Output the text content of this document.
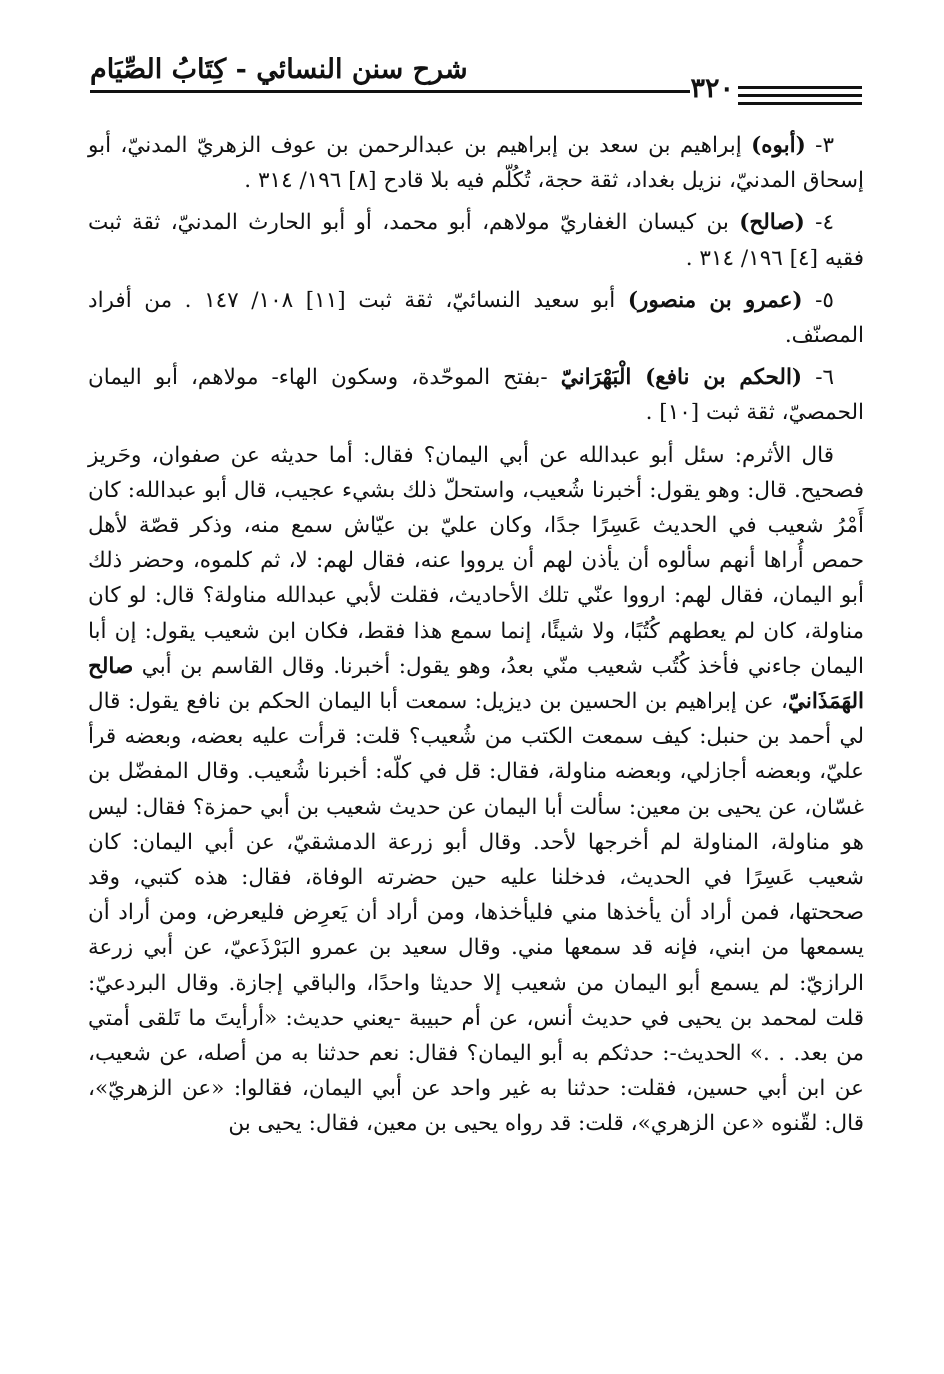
شرح سنن النسائي - كِتَابُ الصِّيَام
٣٢٠

٣- (أبوه) إبراهيم بن سعد بن إبراهيم بن عبدالرحمن بن عوف الزهريّ المدنيّ، أبو إسحاق المدنيّ، نزيل بغداد، ثقة حجة، تُكُلّم فيه بلا قادح [٨] ١٩٦/ ٣١٤ .

٤- (صالح) بن كيسان الغفاريّ مولاهم، أبو محمد، أو أبو الحارث المدنيّ، ثقة ثبت فقيه [٤] ١٩٦/ ٣١٤ .

٥- (عمرو بن منصور) أبو سعيد النسائيّ، ثقة ثبت [١١] ١٠٨/ ١٤٧ . من أفراد المصنّف.

٦- (الحكم بن نافع) الْبَهْرَانيّ -بفتح الموحّدة، وسكون الهاء- مولاهم، أبو اليمان الحمصيّ، ثقة ثبت [١٠] .

قال الأثرم: سئل أبو عبدالله عن أبي اليمان؟ فقال: أما حديثه عن صفوان، وحَريز فصحيح. قال: وهو يقول: أخبرنا شُعيب، واستحلّ ذلك بشيء عجيب، قال أبو عبدالله: كان أَمْرُ شعيب في الحديث عَسِرًا جدًا، وكان عليّ بن عيّاش سمع منه، وذكر قصّة لأهل حمص أُراها أنهم سألوه أن يأذن لهم أن يرووا عنه، فقال لهم: لا، ثم كلموه، وحضر ذلك أبو اليمان، فقال لهم: ارووا عنّي تلك الأحاديث، فقلت لأبي عبدالله مناولة؟ قال: لو كان مناولة، كان لم يعطهم كُتُبًا، ولا شيئًا، إنما سمع هذا فقط، فكان ابن شعيب يقول: إن أبا اليمان جاءني فأخذ كُتُب شعيب منّي بعدُ، وهو يقول: أخبرنا. وقال القاسم بن أبي صالح الهَمَذَانيّ، عن إبراهيم بن الحسين بن ديزيل: سمعت أبا اليمان الحكم بن نافع يقول: قال لي أحمد بن حنبل: كيف سمعت الكتب من شُعيب؟ قلت: قرأت عليه بعضه، وبعضه قرأ عليّ، وبعضه أجازلي، وبعضه مناولة، فقال: قل في كلّه: أخبرنا شُعيب. وقال المفضّل بن غسّان، عن يحيى بن معين: سألت أبا اليمان عن حديث شعيب بن أبي حمزة؟ فقال: ليس هو مناولة، المناولة لم أخرجها لأحد. وقال أبو زرعة الدمشقيّ، عن أبي اليمان: كان شعيب عَسِرًا في الحديث، فدخلنا عليه حين حضرته الوفاة، فقال: هذه كتبي، وقد صححتها، فمن أراد أن يأخذها مني فليأخذها، ومن أراد أن يَعرِض فليعرض، ومن أراد أن يسمعها من ابني، فإنه قد سمعها مني. وقال سعيد بن عمرو البَرْذَعيّ، عن أبي زرعة الرازيّ: لم يسمع أبو اليمان من شعيب إلا حديثا واحدًا، والباقي إجازة. وقال البردعيّ: قلت لمحمد بن يحيى في حديث أنس، عن أم حبيبة -يعني حديث: «أرأيتَ ما تَلقى أمتي من بعد. . .» الحديث-: حدثكم به أبو اليمان؟ فقال: نعم حدثنا به من أصله، عن شعيب، عن ابن أبي حسين، فقلت: حدثنا به غير واحد عن أبي اليمان، فقالوا: «عن الزهريّ»، قال: لقّنوه «عن الزهري»، قلت: قد رواه يحيى بن معين، فقال: يحيى بن
